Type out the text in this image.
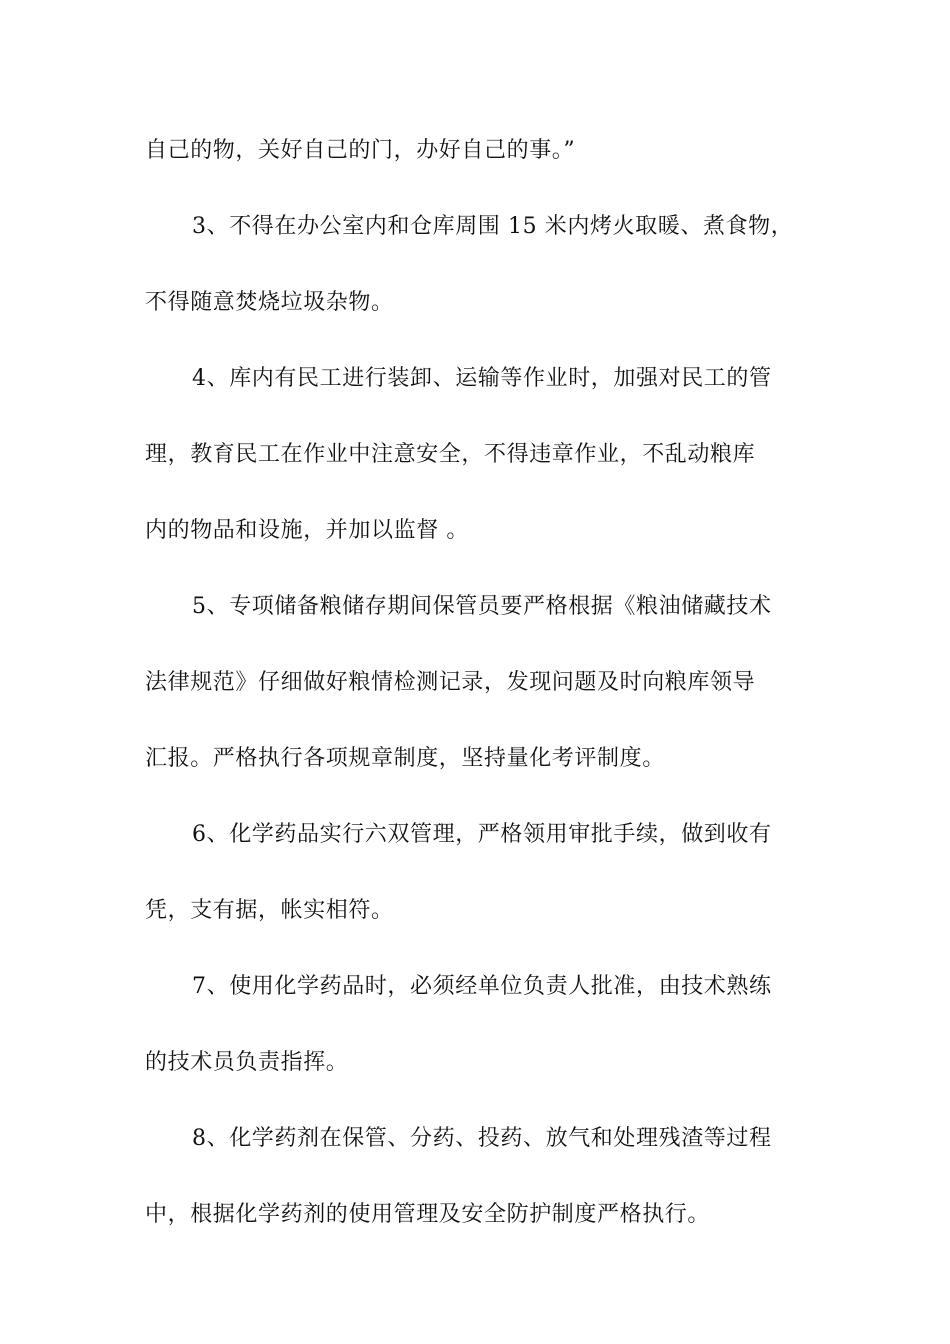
自己的物，关好自己的门，办好自己的事。”
3、不得在办公室内和仓库周围 15 米内烤火取暖、煮食物，
不得随意焚烧垃圾杂物。
4、库内有民工进行装卸、运输等作业时，加强对民工的管
理，教育民工在作业中注意安全，不得违章作业，不乱动粮库
内的物品和设施，并加以监督 。
5、专项储备粮储存期间保管员要严格根据《粮油储藏技术
法律规范》仔细做好粮情检测记录，发现问题及时向粮库领导
汇报。严格执行各项规章制度，坚持量化考评制度。
6、化学药品实行六双管理，严格领用审批手续，做到收有
凭，支有据，帐实相符。
7、使用化学药品时，必须经单位负责人批准，由技术熟练
的技术员负责指挥。
8、化学药剂在保管、分药、投药、放气和处理残渣等过程
中，根据化学药剂的使用管理及安全防护制度严格执行。
